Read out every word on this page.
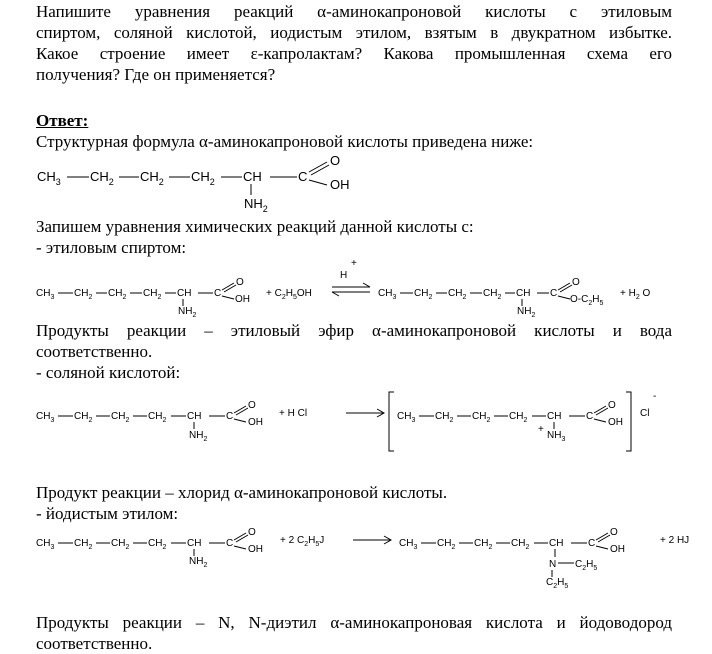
Напишите уравнения реакций α-аминокапроновой кислоты с этиловым
спиртом, соляной кислотой, иодистым этилом, взятым в двукратном избытке.
Какое строение имеет ε-капролактам? Какова промышленная схема его
получения? Где он применяется?
Ответ:
Структурная формула α-аминокапроновой кислоты приведена ниже:
Запишем уравнения химических реакций данной кислоты с:
- этиловым спиртом:
Продукты реакции – этиловый эфир α-аминокапроновой кислоты и вода
соответственно.
- соляной кислотой:
Продукт реакции – хлорид α-аминокапроновой кислоты.
- йодистым этилом:
Продукты реакции – N, N-диэтил α-аминокапроновая кислота и йодоводород
соответственно.
$CH_3$ $CH_2$ $CH_2$ $CH_2$ CH	C
O
OH
$NH_2$
$CH_3$ $CH_2$ $CH_2$ $CH_2$ CH C
O
OH
$NH_2$
+ $C_2H_5OH$
H
+
$CH_3$ $CH_2$ $CH_2$ $CH_2$ CH C
O
$O-C_2H_5$
$NH_2$
+ $H_2$ O
$CH_3$ $CH_2$ $CH_2$ $CH_2$ CH C
O
OH
$NH_2$
+ H Cl	$CH_3$ $CH_2$ $CH_2$ $CH_2$ CH C
O
OH
+
$NH_3$
Cl
-
$CH_3$ $CH_2$ $CH_2$ $CH_2$ CH C
O
OH
$NH_2$
+ 2 $C_2H_5J$	$CH_3$ $CH_2$ $CH_2$ $CH_2$ CH C
O
OH
N $C_2H_5$
$C_2H_5$
+ 2 HJ
